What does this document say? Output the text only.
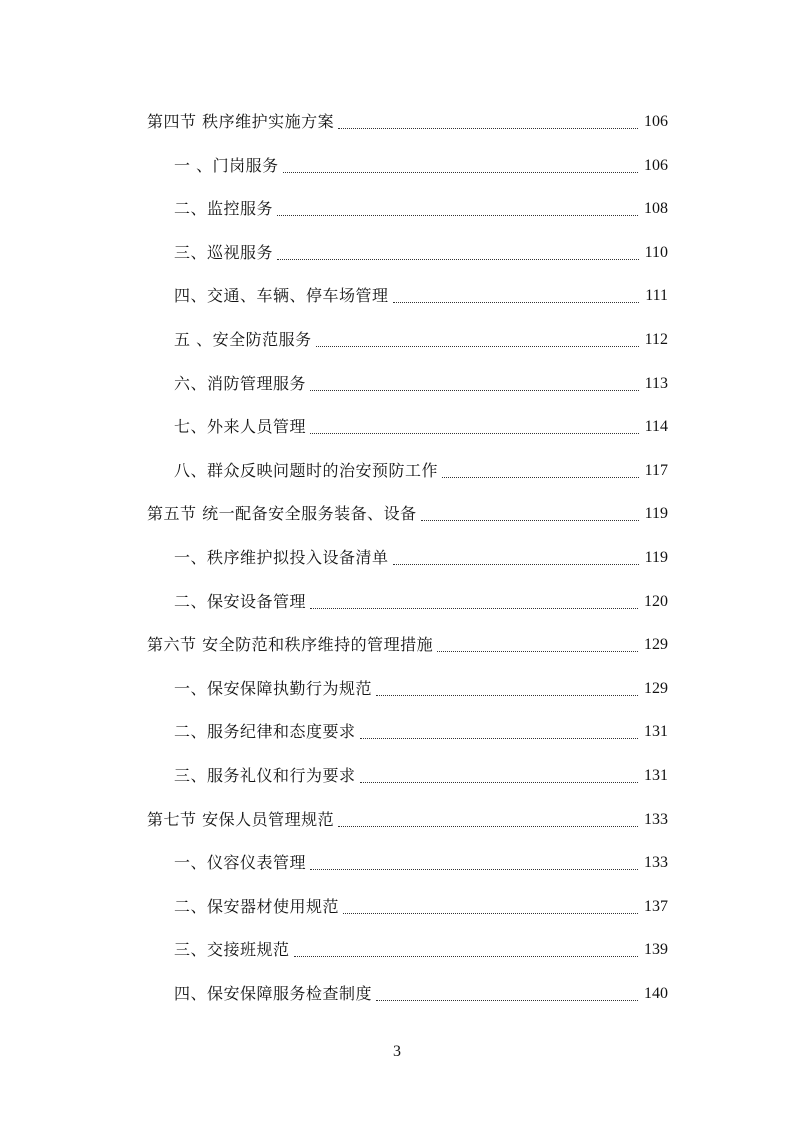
第四节 秩序维护实施方案	106
一 、门岗服务	106
二、监控服务	108
三、巡视服务	110
四、交通、车辆、停车场管理	111
五 、安全防范服务	112
六、消防管理服务	113
七、外来人员管理	114
八、群众反映问题时的治安预防工作	117
第五节 统一配备安全服务装备、设备	119
一、秩序维护拟投入设备清单	119
二、保安设备管理	120
第六节 安全防范和秩序维持的管理措施	129
一、保安保障执勤行为规范	129
二、服务纪律和态度要求	131
三、服务礼仪和行为要求	131
第七节 安保人员管理规范	133
一、仪容仪表管理	133
二、保安器材使用规范	137
三、交接班规范	139
四、保安保障服务检查制度	140
3
